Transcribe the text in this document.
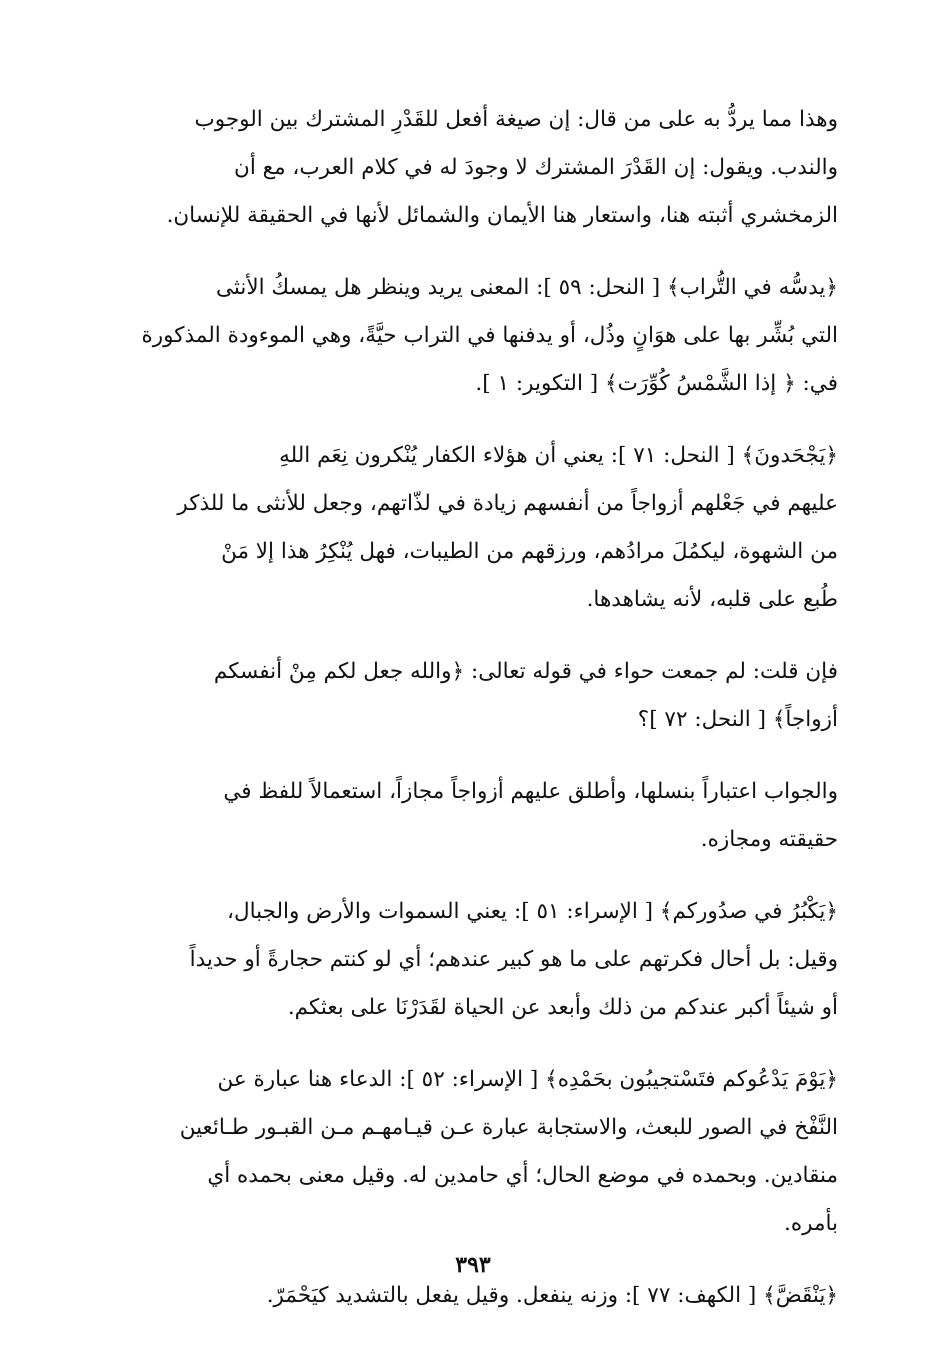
وهذا مما يردُّ به على من قال: إن صيغة أفعل للقَدْرِ المشترك بين الوجوب
والندب. ويقول: إن القَدْرَ المشترك لا وجودَ له في كلام العرب، مع أن
الزمخشري أثبته هنا، واستعار هنا الأيمان والشمائل لأنها في الحقيقة للإنسان.

﴿يدسُّه في التُّراب﴾ [ النحل: ٥٩ ]: المعنى يريد وينظر هل يمسكُ الأنثى
التي بُشِّر بها على هوَانٍ وذُل، أو يدفنها في التراب حيَّةً، وهي الموءودة المذكورة
في: ﴿ إذا الشَّمْسُ كُوِّرَت﴾ [ التكوير: ١ ].

﴿يَجْحَدونَ﴾ [ النحل: ٧١ ]: يعني أن هؤلاء الكفار يُنْكرون نِعَم اللهِ
عليهم في جَعْلهم أزواجاً من أنفسهم زيادة في لذّاتهم، وجعل للأنثى ما للذكر
من الشهوة، ليكمُلَ مرادُهم، ورزقهم من الطيبات، فهل يُنْكِرُ هذا إلا مَنْ
طُبع على قلبه، لأنه يشاهدها.

فإن قلت: لم جمعت حواء في قوله تعالى: ﴿والله جعل لكم مِنْ أنفسكم
أزواجاً﴾ [ النحل: ٧٢ ]؟

والجواب اعتباراً بنسلها، وأطلق عليهم أزواجاً مجازاً، استعمالاً للفظ في
حقيقته ومجازه.

﴿يَكْبُرُ في صدُوركم﴾ [ الإسراء: ٥١ ]: يعني السموات والأرض والجبال،
وقيل: بل أحال فكرتهم على ما هو كبير عندهم؛ أي لو كنتم حجارةً أو حديداً
أو شيئاً أكبر عندكم من ذلك وأبعد عن الحياة لقَدَرْنَا على بعثكم.

﴿يَوْمَ يَدْعُوكم فتَسْتجيبُون بحَمْدِه﴾ [ الإسراء: ٥٢ ]: الدعاء هنا عبارة عن
النَّفْخ في الصور للبعث، والاستجابة عبارة عـن قيـامهـم مـن القبـور طـائعين
منقادين. وبحمده في موضع الحال؛ أي حامدين له. وقيل معنى بحمده أي
بأمره.

﴿يَنْقَضَّ﴾ [ الكهف: ٧٧ ]: وزنه ينفعل. وقيل يفعل بالتشديد كيَحْمَرّ.

٣٩٣
